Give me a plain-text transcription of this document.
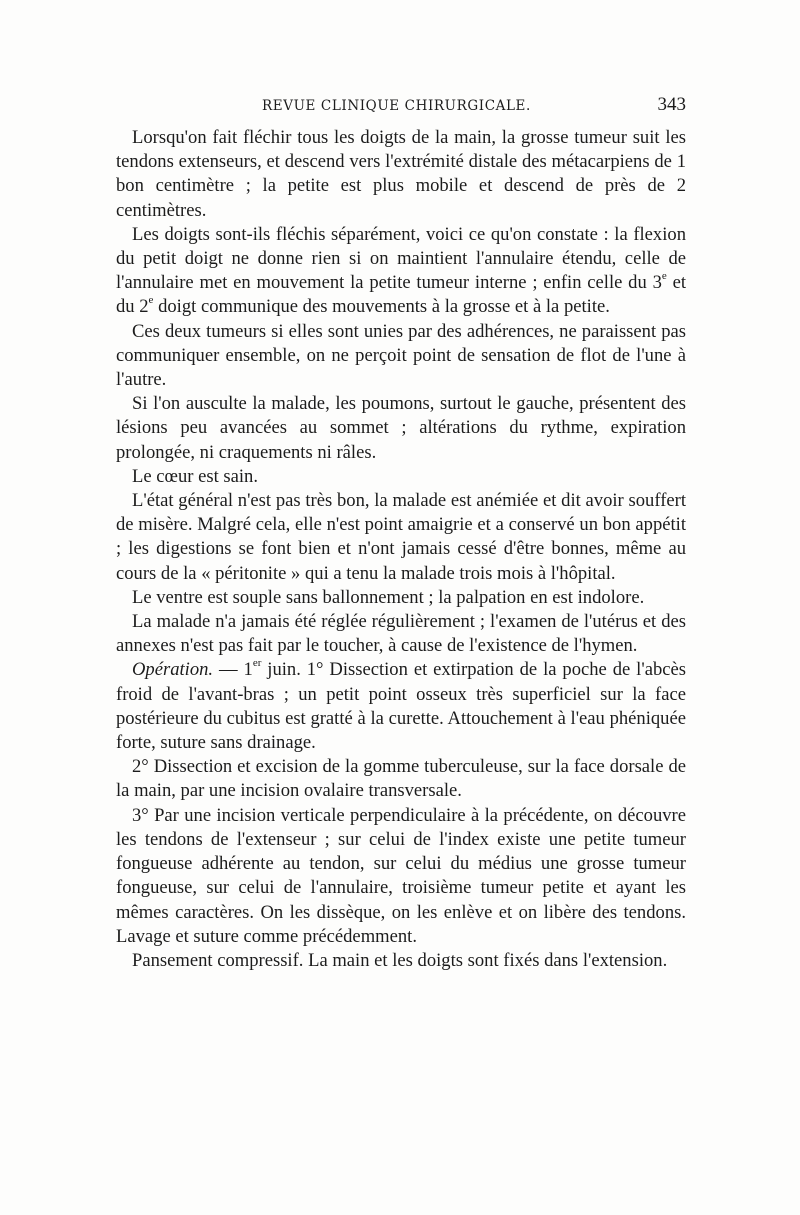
REVUE CLINIQUE CHIRURGICALE.	343

Lorsqu'on fait fléchir tous les doigts de la main, la grosse tumeur suit les tendons extenseurs, et descend vers l'extrémité distale des métacarpiens de 1 bon centimètre ; la petite est plus mobile et descend de près de 2 centimètres.

Les doigts sont-ils fléchis séparément, voici ce qu'on constate : la flexion du petit doigt ne donne rien si on maintient l'annulaire étendu, celle de l'annulaire met en mouvement la petite tumeur interne ; enfin celle du 3e et du 2e doigt communique des mouvements à la grosse et à la petite.

Ces deux tumeurs si elles sont unies par des adhérences, ne paraissent pas communiquer ensemble, on ne perçoit point de sensation de flot de l'une à l'autre.

Si l'on ausculte la malade, les poumons, surtout le gauche, présentent des lésions peu avancées au sommet ; altérations du rythme, expiration prolongée, ni craquements ni râles.

Le cœur est sain.

L'état général n'est pas très bon, la malade est anémiée et dit avoir souffert de misère. Malgré cela, elle n'est point amaigrie et a conservé un bon appétit ; les digestions se font bien et n'ont jamais cessé d'être bonnes, même au cours de la « péritonite » qui a tenu la malade trois mois à l'hôpital.

Le ventre est souple sans ballonnement ; la palpation en est indolore.

La malade n'a jamais été réglée régulièrement ; l'examen de l'utérus et des annexes n'est pas fait par le toucher, à cause de l'existence de l'hymen.

Opération. — 1er juin. 1° Dissection et extirpation de la poche de l'abcès froid de l'avant-bras ; un petit point osseux très superficiel sur la face postérieure du cubitus est gratté à la curette. Attouchement à l'eau phéniquée forte, suture sans drainage.

2° Dissection et excision de la gomme tuberculeuse, sur la face dorsale de la main, par une incision ovalaire transversale.

3° Par une incision verticale perpendiculaire à la précédente, on découvre les tendons de l'extenseur ; sur celui de l'index existe une petite tumeur fongueuse adhérente au tendon, sur celui du médius une grosse tumeur fongueuse, sur celui de l'annulaire, troisième tumeur petite et ayant les mêmes caractères. On les dissèque, on les enlève et on libère des tendons. Lavage et suture comme précédemment.

Pansement compressif. La main et les doigts sont fixés dans l'extension.
